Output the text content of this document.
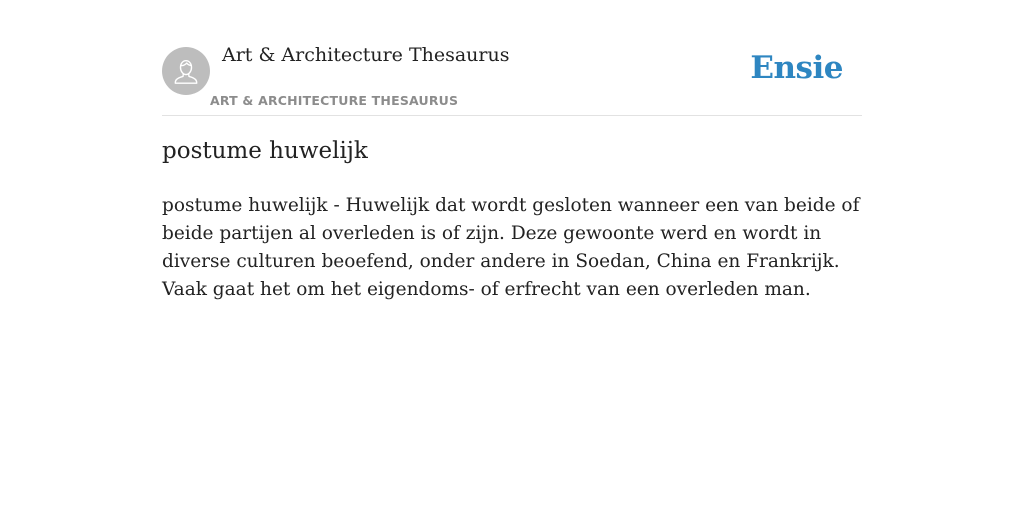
Art & Architecture Thesaurus
ART & ARCHITECTURE THESAURUS
Ensie
postume huwelijk

postume huwelijk - Huwelijk dat wordt gesloten wanneer een van beide of beide partijen al overleden is of zijn. Deze gewoonte werd en wordt in diverse culturen beoefend, onder andere in Soedan, China en Frankrijk. Vaak gaat het om het eigendoms- of erfrecht van een overleden man.
